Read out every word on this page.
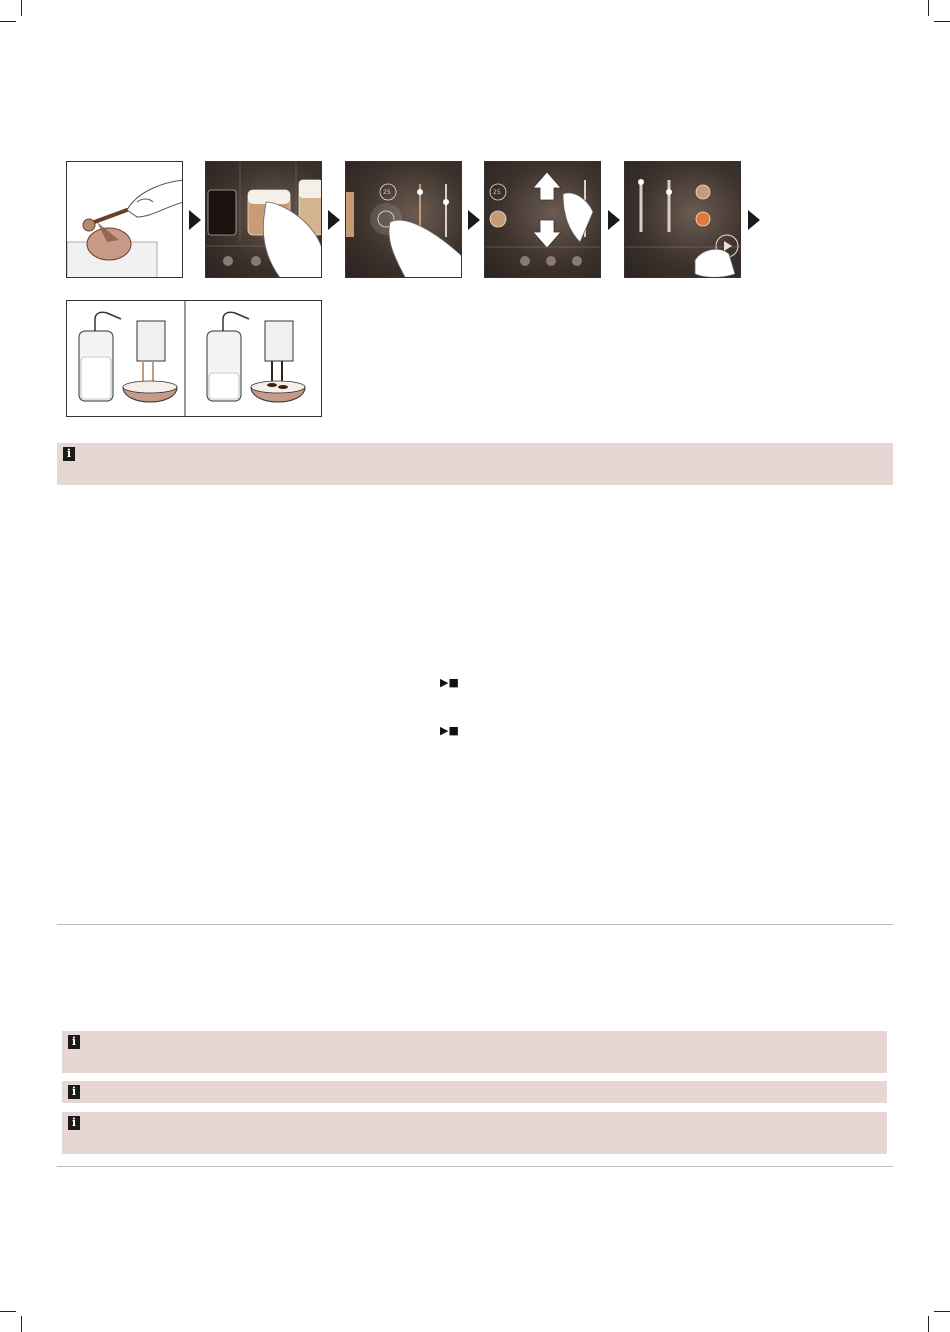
25	25
i
▶■
▶■
i
i
i
